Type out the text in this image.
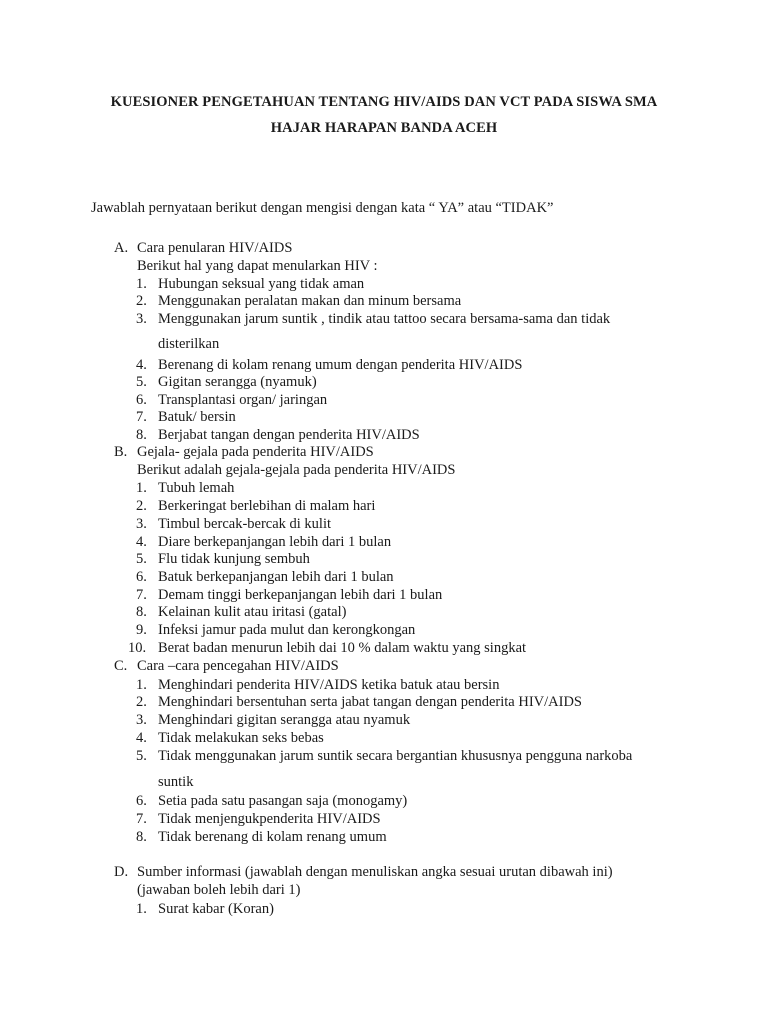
KUESIONER PENGETAHUAN TENTANG HIV/AIDS DAN VCT PADA SISWA SMA
HAJAR HARAPAN BANDA ACEH
Jawablah pernyataan berikut dengan mengisi dengan kata “ YA” atau “TIDAK”
A. Cara penularan HIV/AIDS
Berikut hal yang dapat menularkan HIV :
1. Hubungan seksual yang tidak aman
2. Menggunakan peralatan makan dan minum bersama
3. Menggunakan jarum suntik , tindik atau tattoo secara bersama-sama dan tidak
disterilkan
4. Berenang di kolam renang umum dengan penderita HIV/AIDS
5. Gigitan serangga (nyamuk)
6. Transplantasi organ/ jaringan
7. Batuk/ bersin
8. Berjabat tangan dengan penderita HIV/AIDS
B. Gejala- gejala pada penderita HIV/AIDS
Berikut adalah gejala-gejala pada penderita HIV/AIDS
1. Tubuh lemah
2. Berkeringat berlebihan di malam hari
3. Timbul bercak-bercak di kulit
4. Diare berkepanjangan lebih dari 1 bulan
5. Flu tidak kunjung sembuh
6. Batuk berkepanjangan lebih dari 1 bulan
7. Demam tinggi berkepanjangan lebih dari 1 bulan
8. Kelainan kulit atau iritasi (gatal)
9. Infeksi jamur pada mulut dan kerongkongan
10. Berat badan menurun lebih dai 10 % dalam waktu yang singkat
C. Cara –cara pencegahan HIV/AIDS
1. Menghindari penderita HIV/AIDS ketika batuk atau bersin
2. Menghindari bersentuhan serta jabat tangan dengan penderita HIV/AIDS
3. Menghindari gigitan serangga atau nyamuk
4. Tidak melakukan seks bebas
5. Tidak menggunakan jarum suntik secara bergantian khususnya pengguna narkoba
suntik
6. Setia pada satu pasangan saja (monogamy)
7. Tidak menjengukpenderita HIV/AIDS
8. Tidak berenang di kolam renang umum
D. Sumber informasi (jawablah dengan menuliskan angka sesuai urutan dibawah ini)
(jawaban boleh lebih dari 1)
1. Surat kabar (Koran)
